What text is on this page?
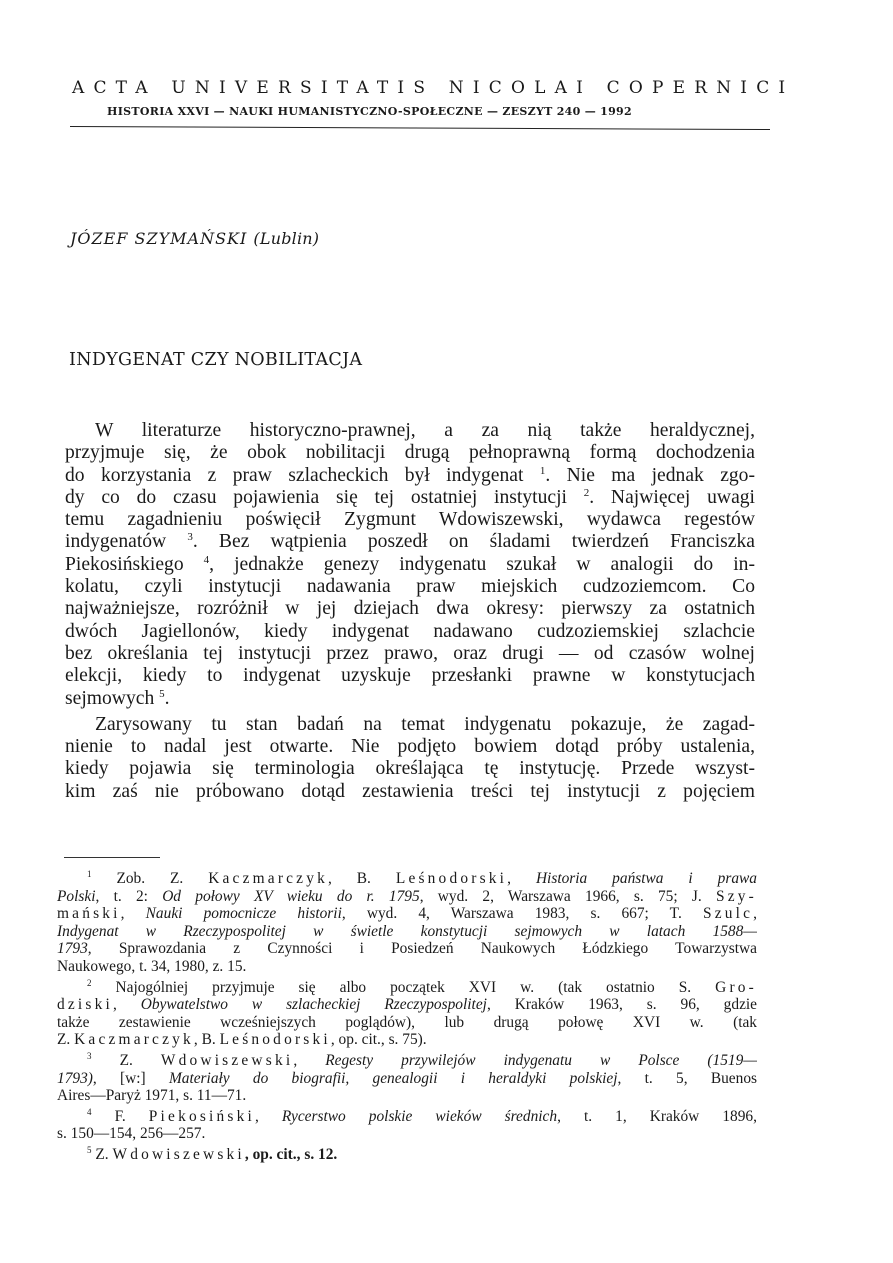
ACTA UNIVERSITATIS NICOLAI COPERNICI
HISTORIA XXVI — NAUKI HUMANISTYCZNO-SPOŁECZNE — ZESZYT 240 — 1992
JÓZEF SZYMAŃSKI (Lublin)
INDYGENAT CZY NOBILITACJA
W literaturze historyczno-prawnej, a za nią także heraldycznej,
przyjmuje się, że obok nobilitacji drugą pełnoprawną formą dochodzenia
do korzystania z praw szlacheckich był indygenat $^1$. Nie ma jednak zgo-
dy co do czasu pojawienia się tej ostatniej instytucji $^2$. Najwięcej uwagi
temu zagadnieniu poświęcił Zygmunt Wdowiszewski, wydawca regestów
indygenatów $^3$. Bez wątpienia poszedł on śladami twierdzeń Franciszka
Piekosińskiego $^4$, jednakże genezy indygenatu szukał w analogii do in-
kolatu, czyli instytucji nadawania praw miejskich cudzoziemcom. Co
najważniejsze, rozróżnił w jej dziejach dwa okresy: pierwszy za ostatnich
dwóch Jagiellonów, kiedy indygenat nadawano cudzoziemskiej szlachcie
bez określania tej instytucji przez prawo, oraz drugi — od czasów wolnej
elekcji, kiedy to indygenat uzyskuje przesłanki prawne w konstytucjach
sejmowych $^5$.
Zarysowany tu stan badań na temat indygenatu pokazuje, że zagad-
nienie to nadal jest otwarte. Nie podjęto bowiem dotąd próby ustalenia,
kiedy pojawia się terminologia określająca tę instytucję. Przede wszyst-
kim zaś nie próbowano dotąd zestawienia treści tej instytucji z pojęciem
$^1$ Zob. Z. Kaczmarczyk, B. Leśnodorski, Historia państwa i prawa
Polski, t. 2: Od połowy XV wieku do r. 1795, wyd. 2, Warszawa 1966, s. 75; J. Szy-
mański, Nauki pomocnicze historii, wyd. 4, Warszawa 1983, s. 667; T. Szulc,
Indygenat w Rzeczypospolitej w świetle konstytucji sejmowych w latach 1588—
1793, Sprawozdania z Czynności i Posiedzeń Naukowych Łódzkiego Towarzystwa
Naukowego, t. 34, 1980, z. 15.
$^2$ Najogólniej przyjmuje się albo początek XVI w. (tak ostatnio S. Gro-
dziski, Obywatelstwo w szlacheckiej Rzeczypospolitej, Kraków 1963, s. 96, gdzie
także zestawienie wcześniejszych poglądów), lub drugą połowę XVI w. (tak
Z. Kaczmarczyk, B. Leśnodorski, op. cit., s. 75).
$^3$ Z. Wdowiszewski, Regesty przywilejów indygenatu w Polsce (1519—
1793), [w:] Materiały do biografii, genealogii i heraldyki polskiej, t. 5, Buenos
Aires—Paryż 1971, s. 11—71.
$^4$ F. Piekosiński, Rycerstwo polskie wieków średnich, t. 1, Kraków 1896,
s. 150—154, 256—257.
$^5$ Z. Wdowiszewski, op. cit., s. 12.
